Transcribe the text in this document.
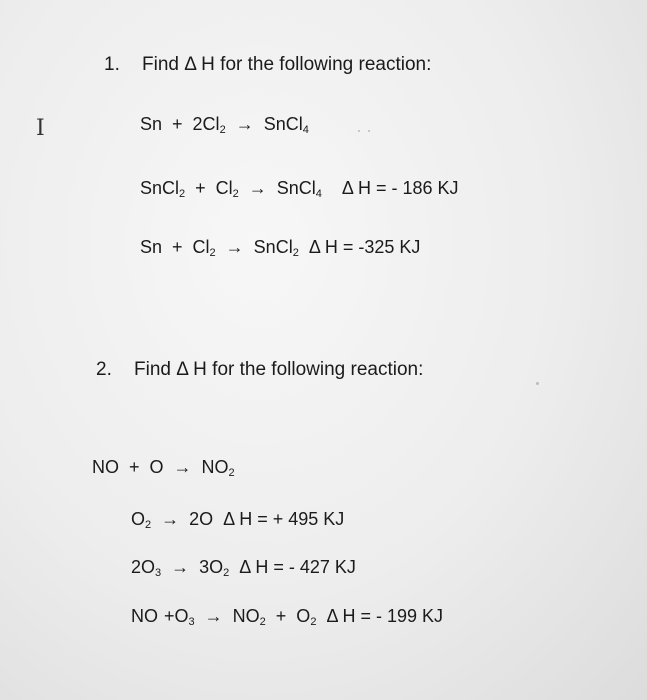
I
1. Find Δ H for the following reaction:
$Sn + 2Cl_2$ → SnCl$_4$
SnCl$_2$ + $Cl_2$ → SnCl$_4$ Δ H = - 186 KJ
$Sn + Cl_2$ → SnCl$_2$ Δ H = -325 KJ
2. Find Δ H for the following reaction:
NO + $O \to NO_2$
$O_2 \to 2O$ Δ H = + 495 KJ
$2O_3 \to 3O_2$ Δ H = - 427 KJ
NO $+O_3 \to NO_2 + O_2$ Δ H = - 199 KJ
